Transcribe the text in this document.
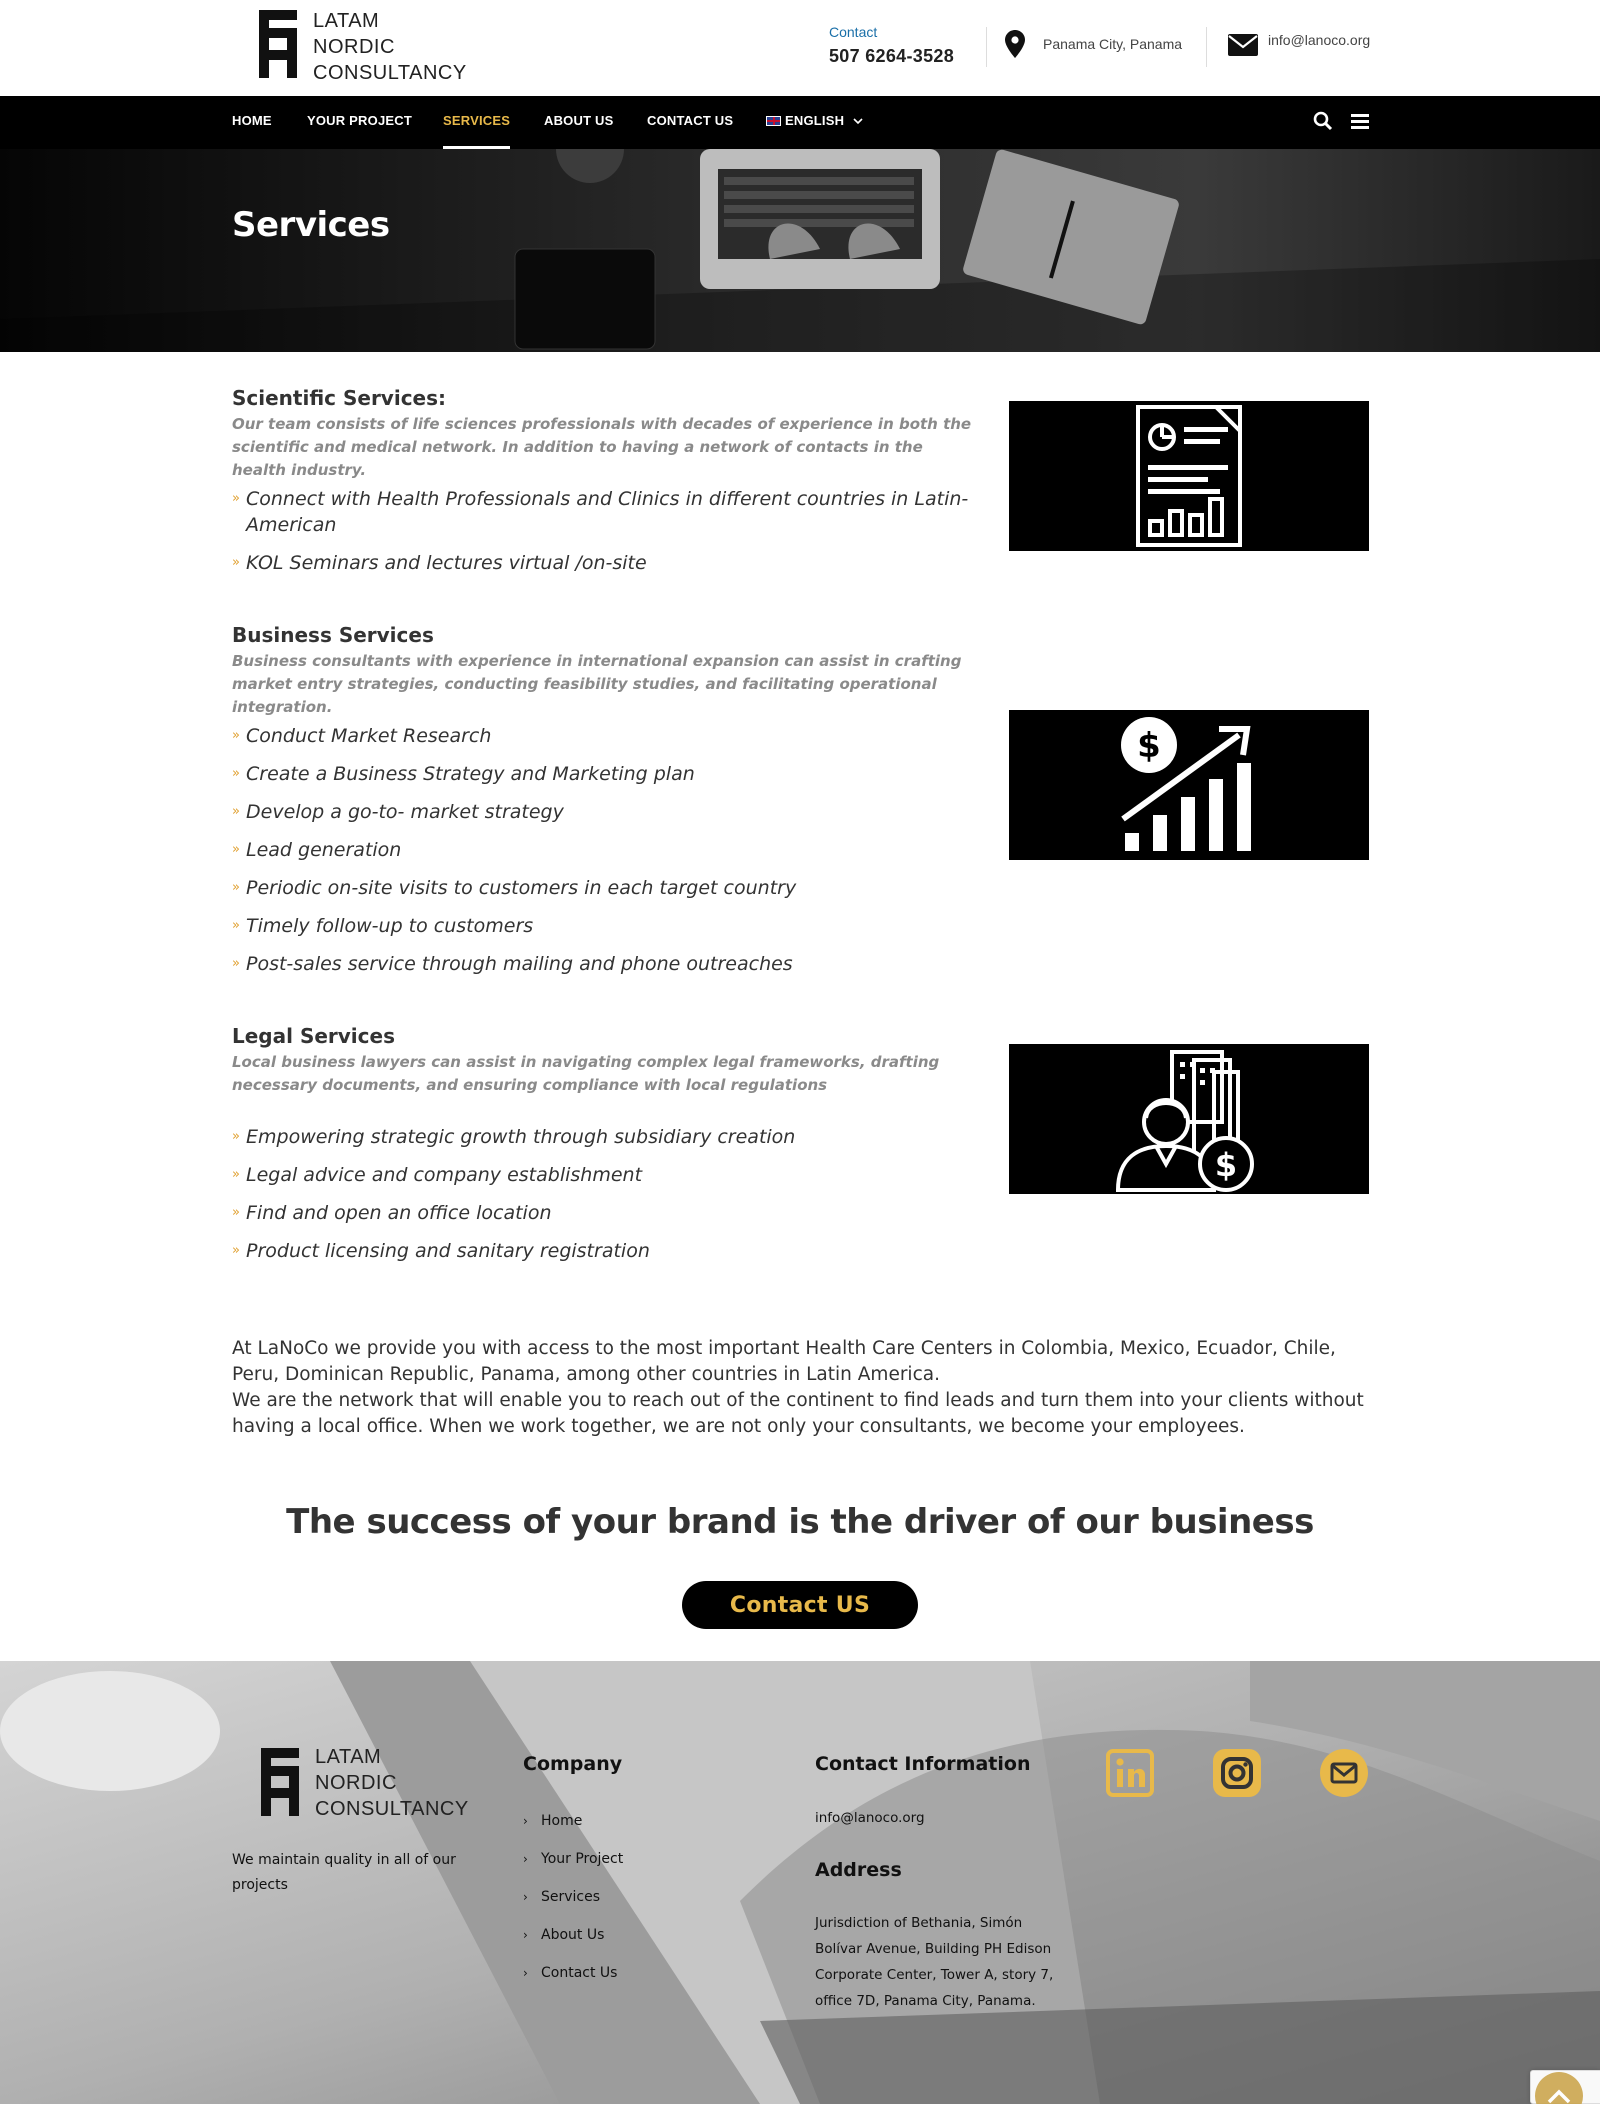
LATAM
NORDIC
CONSULTANCY
Contact
507 6264-3528
Panama City, Panama	info@lanoco.org
HOME	YOUR PROJECT SERVICES	ABOUT US	CONTACT US	ENGLISH
Services
Scientific Services:

Our team consists of life sciences professionals with decades of experience in both the scientific and medical network. In addition to having a network of contacts in the health industry.

» Connect with Health Professionals and Clinics in different countries in Latin-American
» KOL Seminars and lectures virtual /on-site
Business Services

Business consultants with experience in international expansion can assist in crafting market entry strategies, conducting feasibility studies, and facilitating operational integration.

» Conduct Market Research
» Create a Business Strategy and Marketing plan
» Develop a go-to- market strategy
» Lead generation
» Periodic on-site visits to customers in each target country
» Timely follow-up to customers
» Post-sales service through mailing and phone outreaches
$
Legal Services

Local business lawyers can assist in navigating complex legal frameworks, drafting necessary documents, and ensuring compliance with local regulations

» Empowering strategic growth through subsidiary creation
» Legal advice and company establishment
» Find and open an office location
» Product licensing and sanitary registration
$

At LaNoCo we provide you with access to the most important Health Care Centers in Colombia, Mexico, Ecuador, Chile, Peru, Dominican Republic, Panama, among other countries in Latin America.

We are the network that will enable you to reach out of the continent to find leads and turn them into your clients without having a local office. When we work together, we are not only your consultants, we become your employees.

The success of your brand is the driver of our business
Contact US
LATAM
NORDIC
CONSULTANCY

We maintain quality in all of our projects

Company
› Home
› Your Project
› Services
› About Us
› Contact Us
Contact Information

info@lanoco.org

Address

Jurisdiction of Bethania, Simón Bolívar Avenue, Building PH Edison Corporate Center, Tower A, story 7, office 7D, Panama City, Panama.
